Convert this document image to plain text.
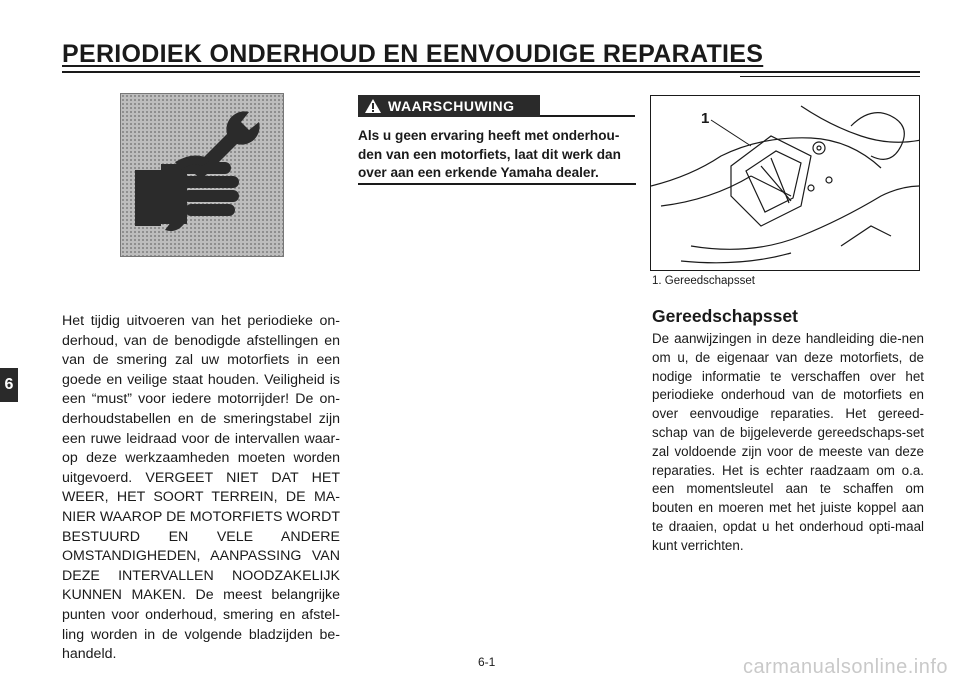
PERIODIEK ONDERHOUD EN EENVOUDIGE REPARATIES
6

Het tijdig uitvoeren van het periodieke on-derhoud, van de benodigde afstellingen en van de smering zal uw motorfiets in een goede en veilige staat houden. Veiligheid is een “must” voor iedere motorrijder! De on-derhoudstabellen en de smeringstabel zijn een ruwe leidraad voor de intervallen waar-op deze werkzaamheden moeten worden uitgevoerd. VERGEET NIET DAT HET WEER, HET SOORT TERREIN, DE MA-NIER WAAROP DE MOTORFIETS WORDT BESTUURD EN VELE ANDERE OMSTANDIGHEDEN, AANPASSING VAN DEZE INTERVALLEN NOODZAKELIJK KUNNEN MAKEN. De meest belangrijke punten voor onderhoud, smering en afstel-ling worden in de volgende bladzijden be-handeld.

WAARSCHUWING

Als u geen ervaring heeft met onderhou-den van een motorfiets, laat dit werk dan over aan een erkende Yamaha dealer.

1
1. Gereedschapsset
Gereedschapsset

De aanwijzingen in deze handleiding die-nen om u, de eigenaar van deze motorfiets, de nodige informatie te verschaffen over het periodieke onderhoud van de motorfiets en over eenvoudige reparaties. Het gereed-schap van de bijgeleverde gereedschaps-set zal voldoende zijn voor de meeste van deze reparaties. Het is echter raadzaam om o.a. een momentsleutel aan te schaffen om bouten en moeren met het juiste koppel aan te draaien, opdat u het onderhoud opti-maal kunt verrichten.

6-1	carmanualsonline.info
